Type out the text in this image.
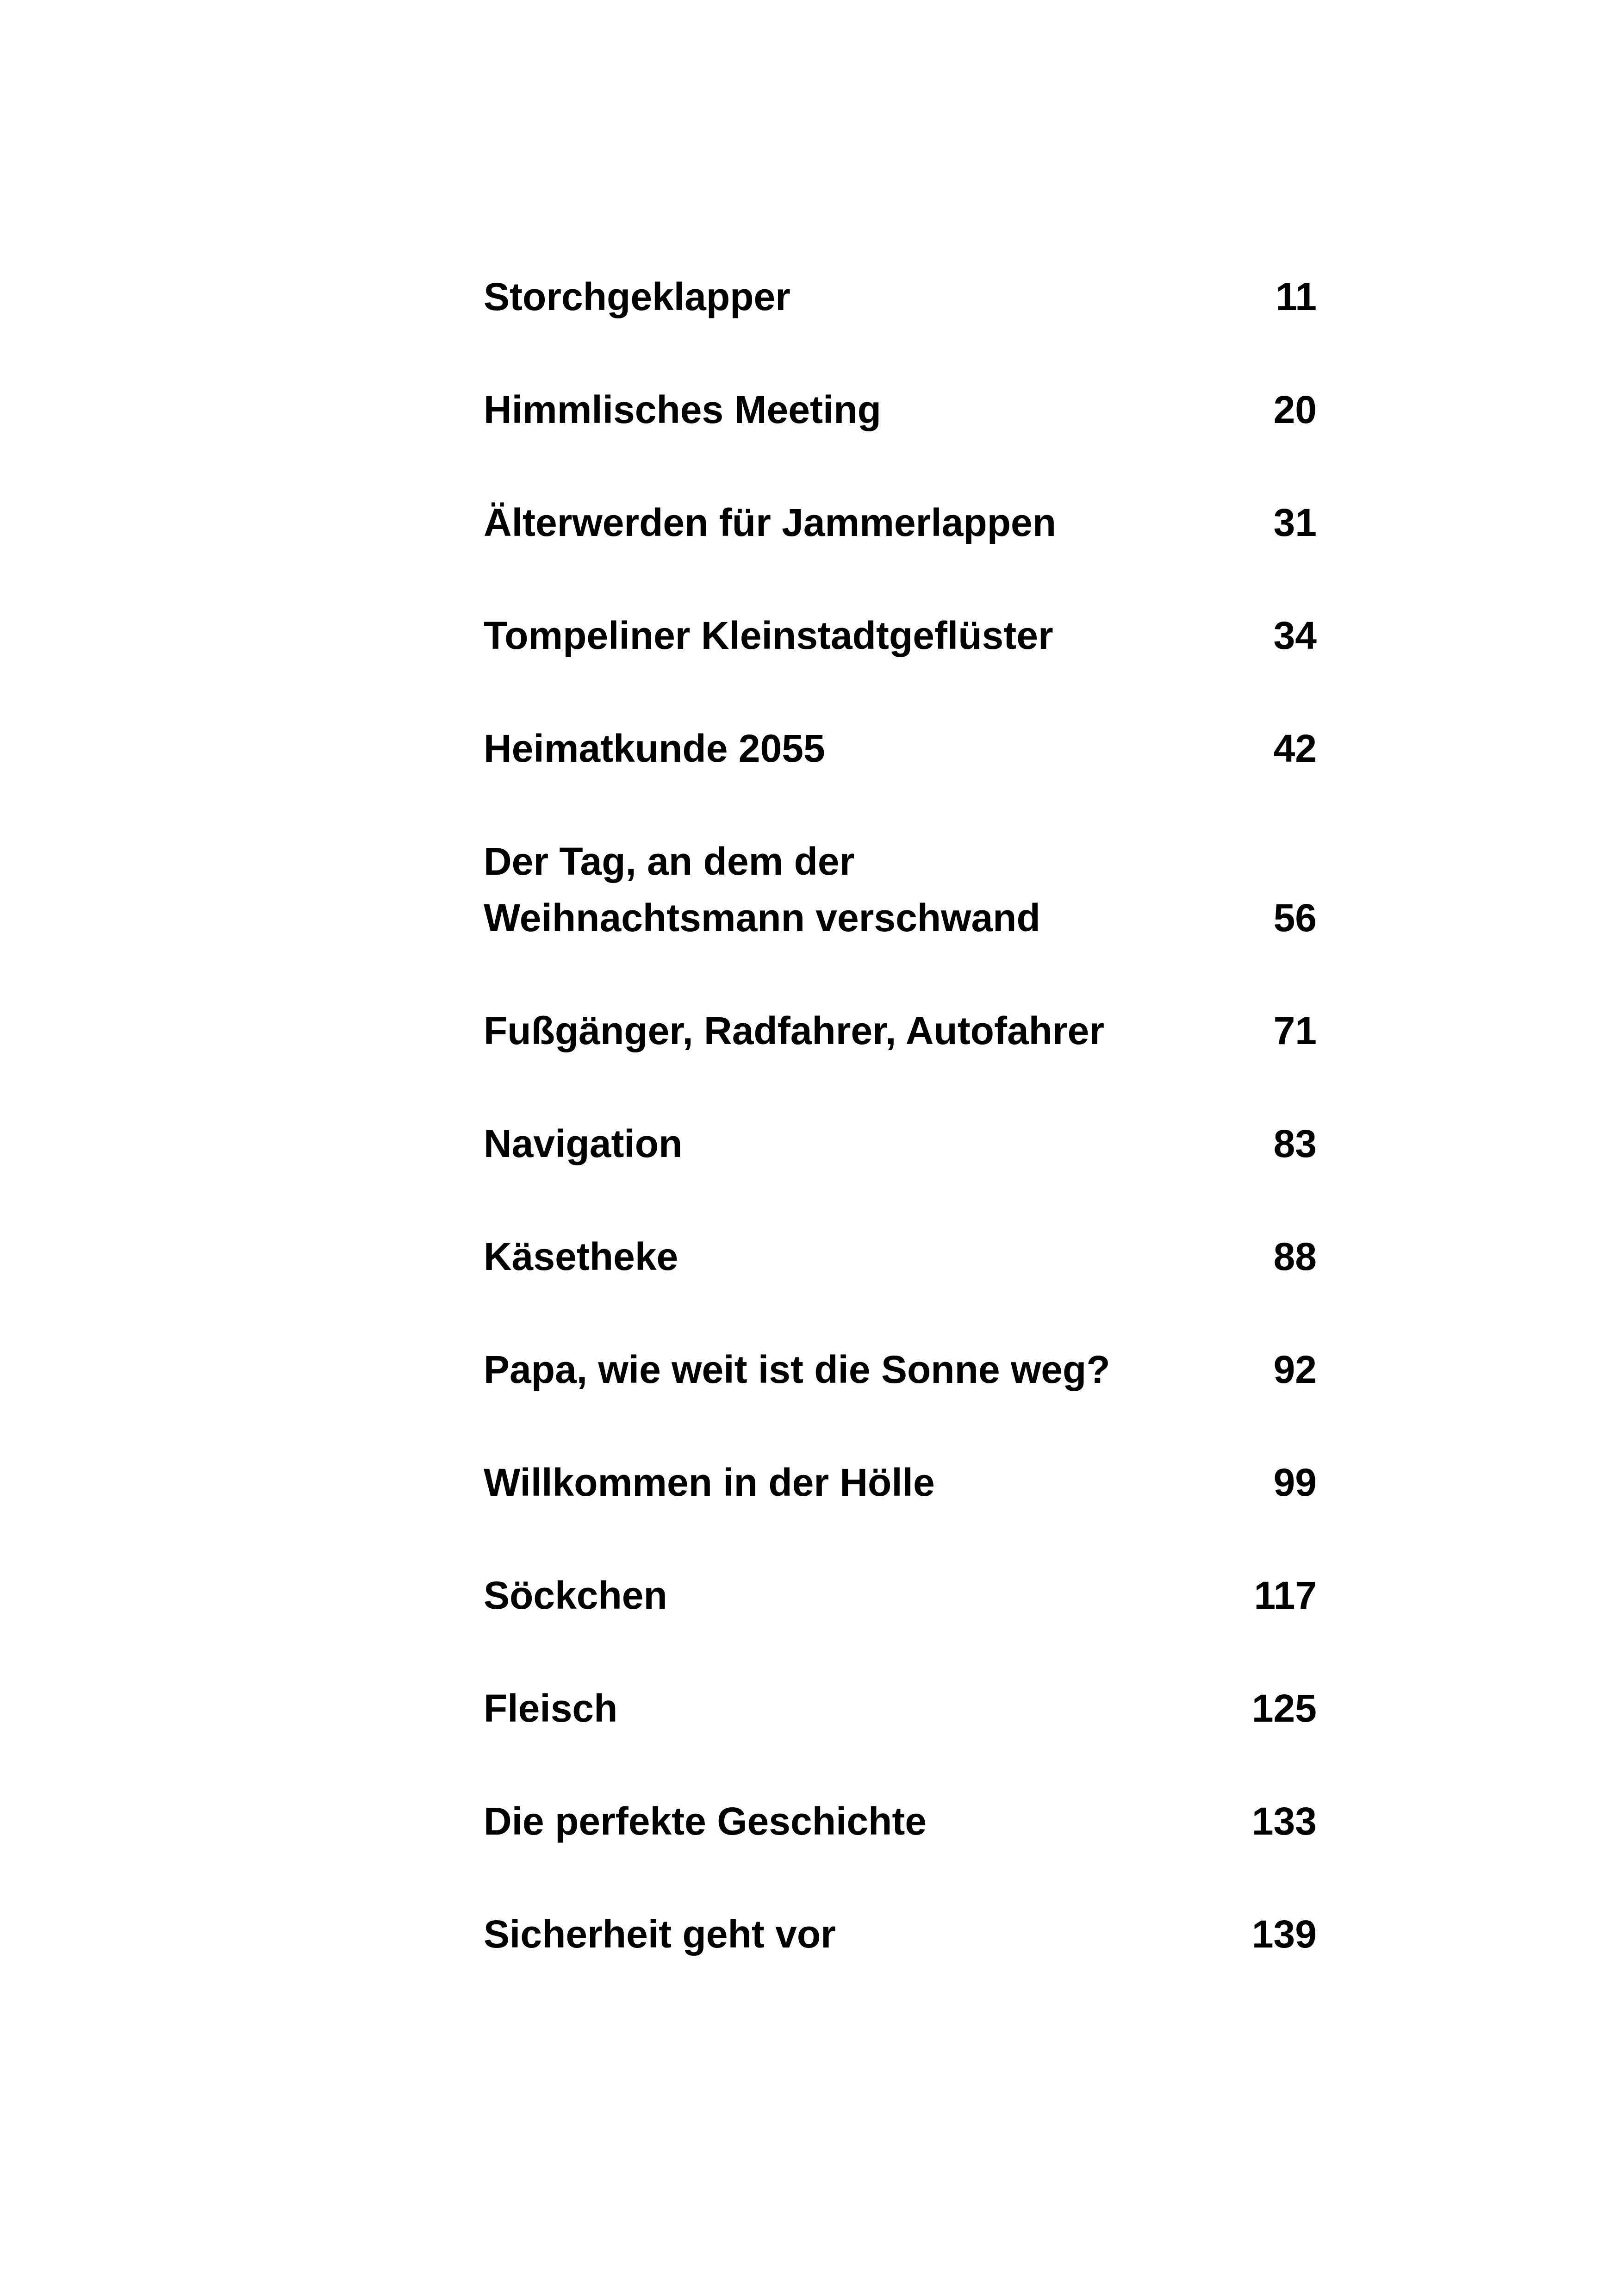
Storchgeklapper	11
Himmlisches Meeting	20
Älterwerden für Jammerlappen	31
Tompeliner Kleinstadtgeflüster	34
Heimatkunde 2055	42
Der Tag, an dem der
Weihnachtsmann verschwand	56
Fußgänger, Radfahrer, Autofahrer	71
Navigation	83
Käsetheke	88
Papa, wie weit ist die Sonne weg?	92
Willkommen in der Hölle	99
Söckchen	117
Fleisch	125
Die perfekte Geschichte	133
Sicherheit geht vor	139
